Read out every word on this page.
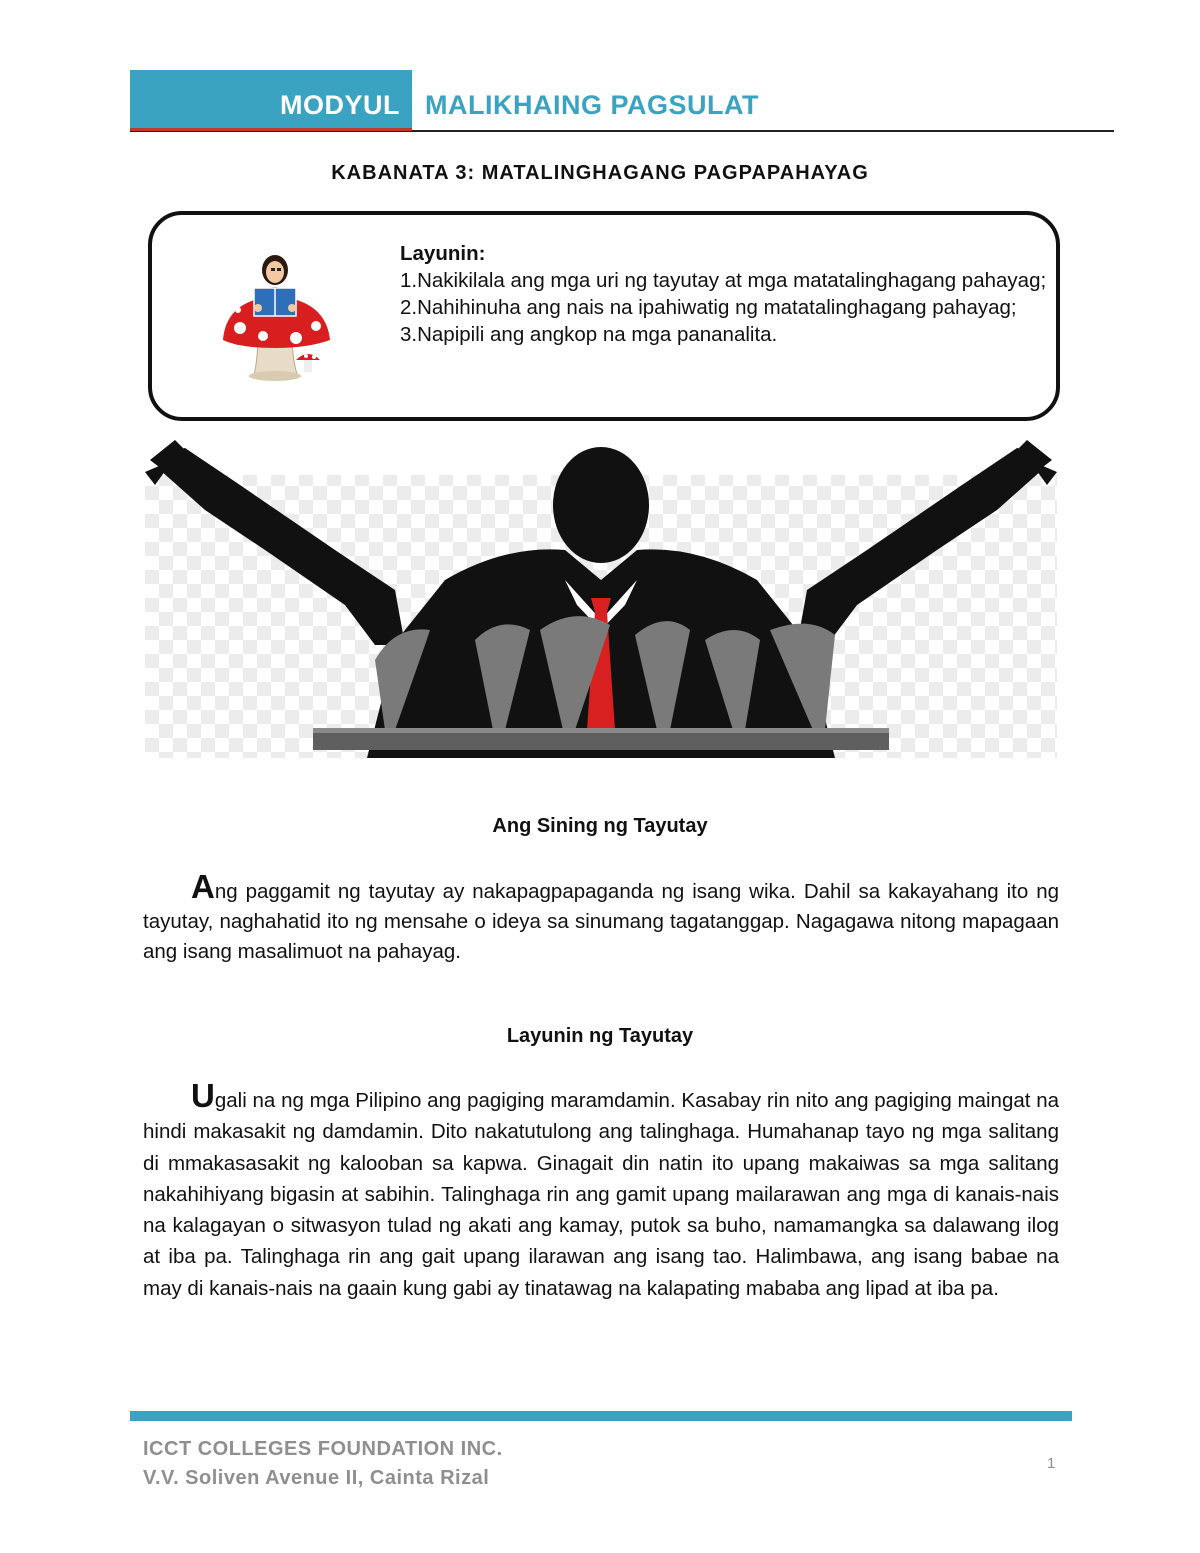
MODYUL MALIKHAING PAGSULAT
KABANATA 3: MATALINGHAGANG PAGPAPAHAYAG
Layunin:
1.Nakikilala ang mga uri ng tayutay at mga matatalinghagang pahayag;
2.Nahihinuha ang nais na ipahiwatig ng matatalinghagang pahayag;
3.Napipili ang angkop na mga pananalita.
Ang Sining ng Tayutay
Ang paggamit ng tayutay ay nakapagpapaganda ng isang wika. Dahil sa kakayahang ito ng tayutay, naghahatid ito ng mensahe o ideya sa sinumang tagatanggap. Nagagawa nitong mapagaan ang isang masalimuot na pahayag.
Layunin ng Tayutay
Ugali na ng mga Pilipino ang pagiging maramdamin. Kasabay rin nito ang pagiging maingat na hindi makasakit ng damdamin. Dito nakatutulong ang talinghaga. Humahanap tayo ng mga salitang di mmakasasakit ng kalooban sa kapwa. Ginagait din natin ito upang makaiwas sa mga salitang nakahihiyang bigasin at sabihin. Talinghaga rin ang gamit upang mailarawan ang mga di kanais-nais na kalagayan o sitwasyon tulad ng akati ang kamay, putok sa buho, namamangka sa dalawang ilog at iba pa. Talinghaga rin ang gait upang ilarawan ang isang tao. Halimbawa, ang isang babae na may di kanais-nais na gaain kung gabi ay tinatawag na kalapating mababa ang lipad at iba pa.
ICCT COLLEGES FOUNDATION INC.
V.V. Soliven Avenue II, Cainta Rizal
1
